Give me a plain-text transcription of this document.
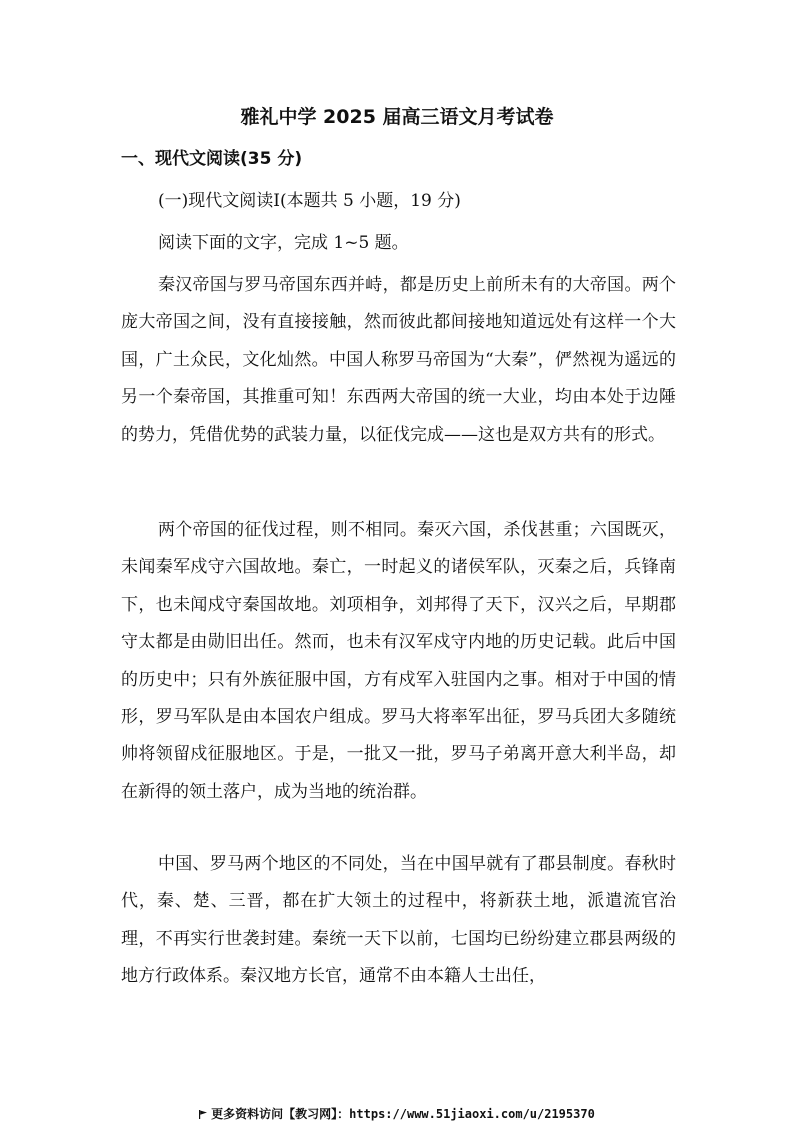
雅礼中学 2025 届高三语文月考试卷
一、现代文阅读(35 分)

(一)现代文阅读Ⅰ(本题共 5 小题，19 分)

阅读下面的文字，完成 1~5 题。

秦汉帝国与罗马帝国东西并峙，都是历史上前所未有的大帝国。两个庞大帝国之间，没有直接接触，然而彼此都间接地知道远处有这样一个大国，广土众民，文化灿然。中国人称罗马帝国为“大秦”，俨然视为遥远的另一个秦帝国，其推重可知！东西两大帝国的统一大业，均由本处于边陲的势力，凭借优势的武装力量，以征伐完成——这也是双方共有的形式。

两个帝国的征伐过程，则不相同。秦灭六国，杀伐甚重；六国既灭，未闻秦军戍守六国故地。秦亡，一时起义的诸侯军队，灭秦之后，兵锋南下，也未闻戍守秦国故地。刘项相争，刘邦得了天下，汉兴之后，早期郡守太都是由勋旧出任。然而，也未有汉军戍守内地的历史记载。此后中国的历史中；只有外族征服中国，方有戍军入驻国内之事。相对于中国的情形，罗马军队是由本国农户组成。罗马大将率军出征，罗马兵团大多随统帅将领留戍征服地区。于是，一批又一批，罗马子弟离开意大利半岛，却在新得的领土落户，成为当地的统治群。

中国、罗马两个地区的不同处，当在中国早就有了郡县制度。春秋时代，秦、楚、三晋，都在扩大领土的过程中，将新获土地，派遣流官治理，不再实行世袭封建。秦统一天下以前，七国均已纷纷建立郡县两级的地方行政体系。秦汉地方长官，通常不由本籍人士出任，

更多资料访问【教习网】：https://www.51jiaoxi.com/u/2195370
